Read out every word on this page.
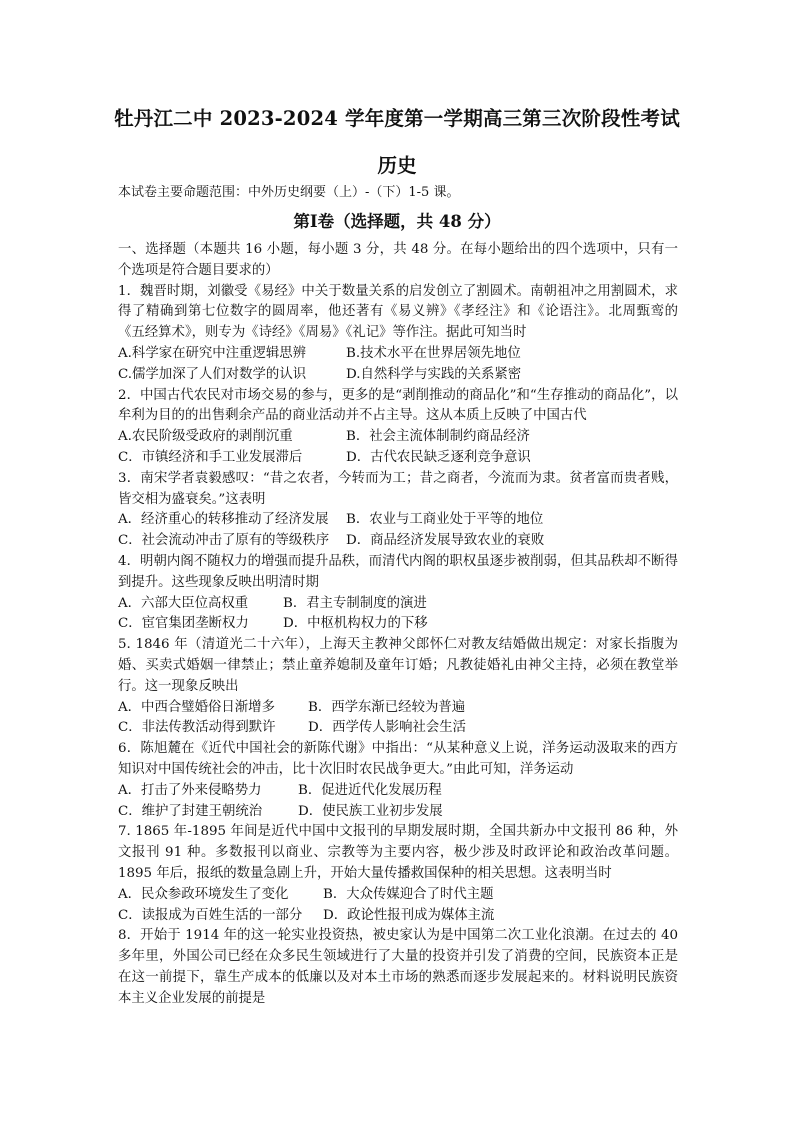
牡丹江二中 2023-2024 学年度第一学期高三第三次阶段性考试
历史
本试卷主要命题范围：中外历史纲要（上）-（下）1-5 课。
第Ⅰ卷（选择题，共 48 分）

一、选择题（本题共 16 小题，每小题 3 分，共 48 分。在每小题给出的四个选项中，只有一个选项是符合题目要求的）

1．魏晋时期，刘徽受《易经》中关于数量关系的启发创立了割圆术。南朝祖冲之用割圆术，求得了精确到第七位数字的圆周率，他还著有《易义辨》《孝经注》和《论语注》。北周甄鸾的《五经算术》，则专为《诗经》《周易》《礼记》等作注。据此可知当时

A.科学家在研究中注重逻辑思辨	B.技术水平在世界居领先地位
C.儒学加深了人们对数学的认识	D.自然科学与实践的关系紧密

2．中国古代农民对市场交易的参与，更多的是“剥削推动的商品化”和“生存推动的商品化”，以牟利为目的的出售剩余产品的商业活动并不占主导。这从本质上反映了中国古代

A.农民阶级受政府的剥削沉重	B．社会主流体制制约商品经济
C．市镇经济和手工业发展滞后	D．古代农民缺乏逐利竞争意识

3．南宋学者袁毅感叹：“昔之农者，今转而为工；昔之商者，今流而为隶。贫者富而贵者贱，皆交相为盛衰矣。”这表明

A．经济重心的转移推动了经济发展	B．农业与工商业处于平等的地位
C．社会流动冲击了原有的等级秩序	D．商品经济发展导致农业的衰败

4．明朝内阁不随权力的增强而提升品秩，而清代内阁的职权虽逐步被削弱，但其品秩却不断得到提升。这些现象反映出明清时期

A．六部大臣位高权重	B．君主专制制度的演进
C．宦官集团垄断权力	D．中枢机构权力的下移

5. 1846 年（清道光二十六年），上海天主教神父郎怀仁对教友结婚做出规定：对家长指腹为婚、买卖式婚姻一律禁止；禁止童养媳制及童年订婚；凡教徒婚礼由神父主持，必须在教堂举行。这一现象反映出

A．中西合璧婚俗日渐增多	B．西学东渐已经较为普遍
C．非法传教活动得到默许	D．西学传人影响社会生活

6．陈旭麓在《近代中国社会的新陈代谢》中指出：“从某种意义上说，洋务运动汲取来的西方知识对中国传统社会的冲击，比十次旧时农民战争更大。”由此可知，洋务运动

A．打击了外来侵略势力	B．促进近代化发展历程
C．维护了封建王朝统治	D．使民族工业初步发展

7. 1865 年-1895 年间是近代中国中文报刊的早期发展时期，全国共新办中文报刊 86 种，外文报刊 91 种。多数报刊以商业、宗教等为主要内容，极少涉及时政评论和政治改革问题。1895 年后，报纸的数量急剧上升，开始大量传播救国保种的相关思想。这表明当时

A．民众参政环境发生了变化	B．大众传媒迎合了时代主题
C．读报成为百姓生活的一部分	D．政论性报刊成为媒体主流

8．开始于 1914 年的这一轮实业投资热，被史家认为是中国第二次工业化浪潮。在过去的 40 多年里，外国公司已经在众多民生领域进行了大量的投资并引发了消费的空间，民族资本正是在这一前提下，靠生产成本的低廉以及对本土市场的熟悉而逐步发展起来的。材料说明民族资本主义企业发展的前提是
